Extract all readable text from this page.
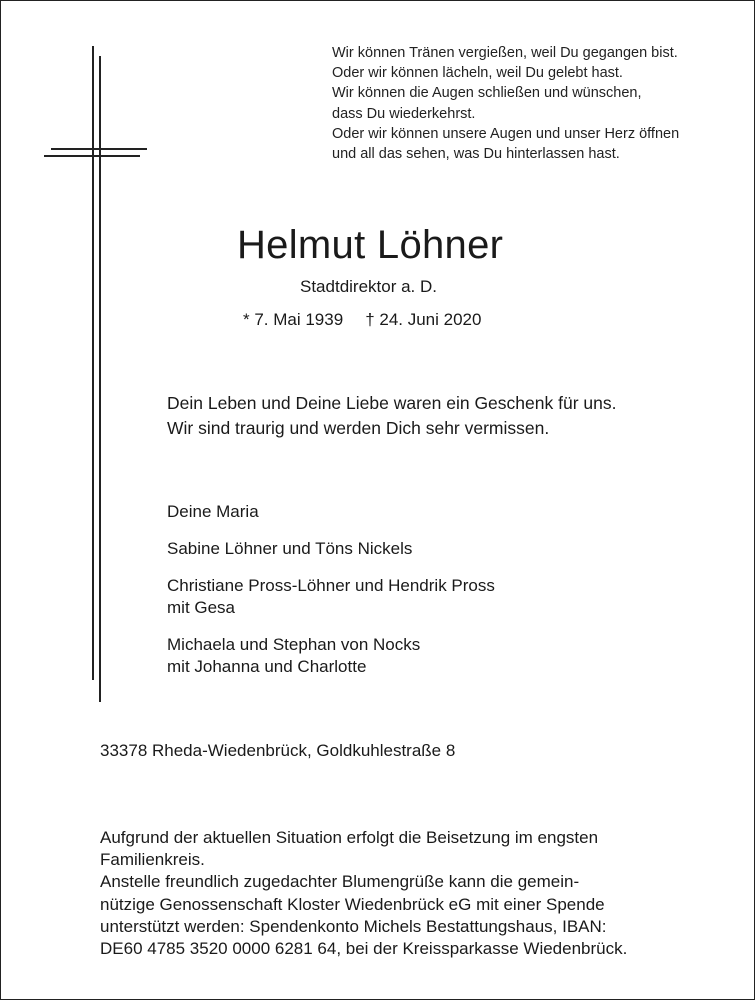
Wir können Tränen vergießen, weil Du gegangen bist.
Oder wir können lächeln, weil Du gelebt hast.
Wir können die Augen schließen und wünschen,
dass Du wiederkehrst.
Oder wir können unsere Augen und unser Herz öffnen
und all das sehen, was Du hinterlassen hast.
Helmut Löhner
Stadtdirektor a. D.
* 7. Mai 1939 † 24. Juni 2020
Dein Leben und Deine Liebe waren ein Geschenk für uns.
Wir sind traurig und werden Dich sehr vermissen.
Deine Maria
Sabine Löhner und Töns Nickels
Christiane Pross-Löhner und Hendrik Pross
mit Gesa
Michaela und Stephan von Nocks
mit Johanna und Charlotte
33378 Rheda-Wiedenbrück, Goldkuhlestraße 8
Aufgrund der aktuellen Situation erfolgt die Beisetzung im engsten
Familienkreis.
Anstelle freundlich zugedachter Blumengrüße kann die gemein-
nützige Genossenschaft Kloster Wiedenbrück eG mit einer Spende
unterstützt werden: Spendenkonto Michels Bestattungshaus, IBAN:
DE60 4785 3520 0000 6281 64, bei der Kreissparkasse Wiedenbrück.
